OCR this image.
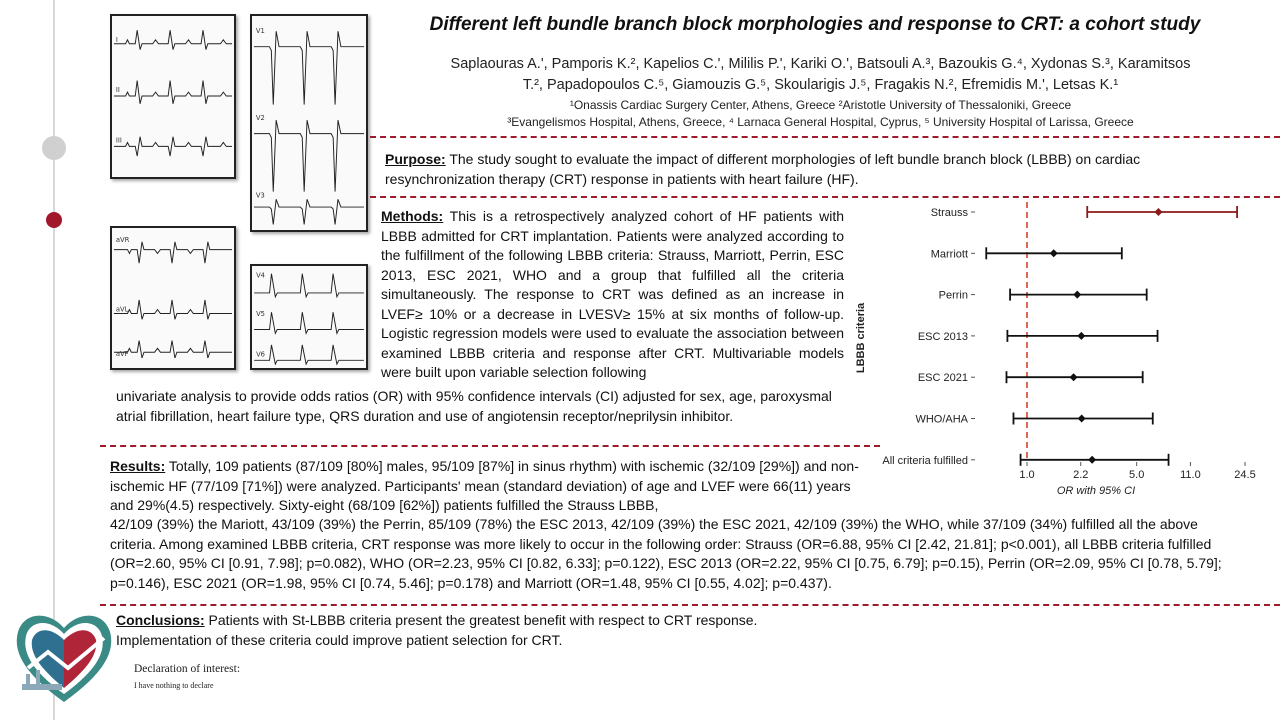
I
II
III
V1
V2
V3
aVR
aVL
aVF
V4
V5
V6
Different left bundle branch block morphologies and response to CRT: a cohort study
Saplaouras A.', Pamporis K.², Kapelios C.', Mililis P.', Kariki O.', Batsouli A.³, Bazoukis G.⁴, Xydonas S.³, Karamitsos
T.², Papadopoulos C.⁵, Giamouzis G.⁵, Skoularigis J.⁵, Fragakis N.², Efremidis M.', Letsas K.¹
¹Onassis Cardiac Surgery Center, Athens, Greece ²Aristotle University of Thessaloniki, Greece
³Evangelismos Hospital, Athens, Greece, ⁴ Larnaca General Hospital, Cyprus, ⁵ University Hospital of Larissa, Greece
Purpose: The study sought to evaluate the impact of different morphologies of left bundle branch block (LBBB) on cardiac resynchronization therapy (CRT) response in patients with heart failure (HF).
Methods: This is a retrospectively analyzed cohort of HF patients with LBBB admitted for CRT implantation. Patients were analyzed according to the fulfillment of the following LBBB criteria: Strauss, Marriott, Perrin, ESC 2013, ESC 2021, WHO and a group that fulfilled all the criteria simultaneously. The response to CRT was defined as an increase in LVEF≥ 10% or a decrease in LVESV≥ 15% at six months of follow-up. Logistic regression models were used to evaluate the association between examined LBBB criteria and response after CRT. Multivariable models were built upon variable selection following
univariate analysis to provide odds ratios (OR) with 95% confidence intervals (CI) adjusted for sex, age, paroxysmal atrial fibrillation, heart failure type, QRS duration and use of angiotensin receptor/neprilysin inhibitor.
Results: Totally, 109 patients (87/109 [80%] males, 95/109 [87%] in sinus rhythm) with ischemic (32/109 [29%]) and non-ischemic HF (77/109 [71%]) were analyzed. Participants' mean (standard deviation) of age and LVEF were 66(11) years and 29%(4.5) respectively. Sixty-eight (68/109 [62%]) patients fulfilled the Strauss LBBB,
42/109 (39%) the Mariott, 43/109 (39%) the Perrin, 85/109 (78%) the ESC 2013, 42/109 (39%) the ESC 2021, 42/109 (39%) the WHO, while 37/109 (34%) fulfilled all the above criteria. Among examined LBBB criteria, CRT response was more likely to occur in the following order: Strauss (OR=6.88, 95% CI [2.42, 21.81]; p<0.001), all LBBB criteria fulfilled (OR=2.60, 95% CI [0.91, 7.98]; p=0.082), WHO (OR=2.23, 95% CI [0.82, 6.33]; p=0.122), ESC 2013 (OR=2.22, 95% CI [0.75, 6.79]; p=0.15), Perrin (OR=2.09, 95% CI [0.78, 5.79]; p=0.146), ESC 2021 (OR=1.98, 95% CI [0.74, 5.46]; p=0.178) and Marriott (OR=1.48, 95% CI [0.55, 4.02]; p=0.437).
Conclusions: Patients with St-LBBB criteria present the greatest benefit with respect to CRT response. Implementation of these criteria could improve patient selection for CRT.
Declaration of interest:
I have nothing to declare
LBBB criteria
OR with 95% CI
1.0	2.2	5.0	11.0	24.5
Strauss
Marriott
Perrin
ESC 2013
ESC 2021
WHO/AHA
All criteria fulfilled
